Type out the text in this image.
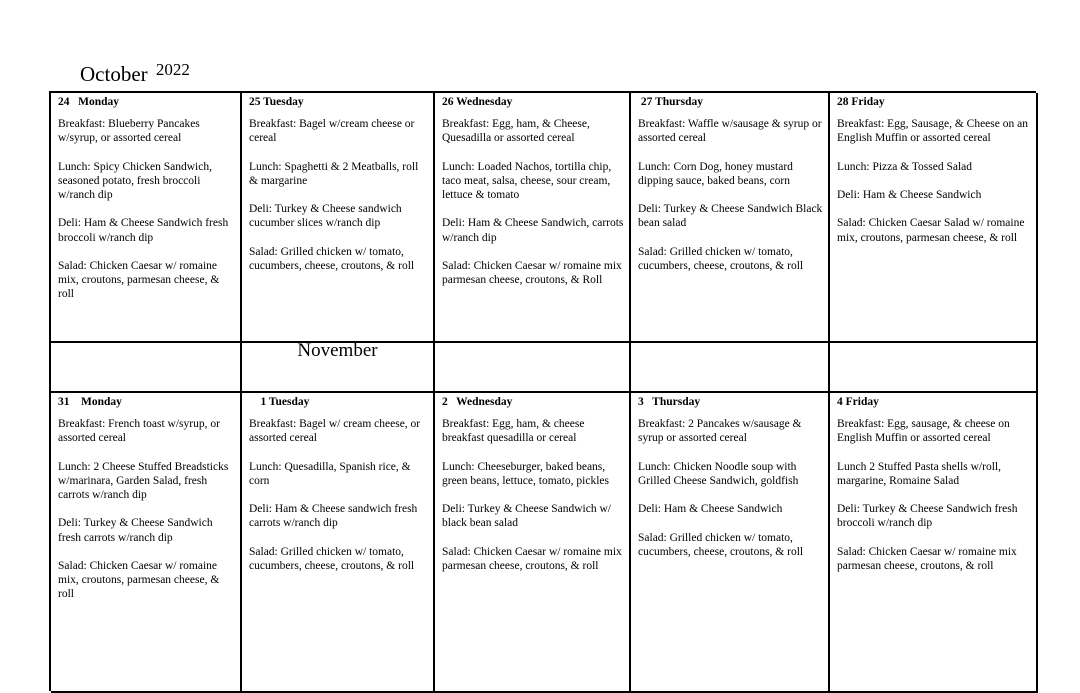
October $^{2022}$
24   Monday
Breakfast: Blueberry Pancakes w/syrup, or assorted cereal
Lunch: Spicy Chicken Sandwich, seasoned potato, fresh broccoli w/ranch dip
Deli: Ham & Cheese Sandwich fresh broccoli w/ranch dip
Salad: Chicken Caesar w/ romaine mix, croutons, parmesan cheese, & roll
25 Tuesday
Breakfast: Bagel w/cream cheese or cereal
Lunch: Spaghetti & 2 Meatballs, roll & margarine
Deli: Turkey & Cheese sandwich cucumber slices w/ranch dip
Salad: Grilled chicken w/ tomato, cucumbers, cheese, croutons, & roll
26 Wednesday
Breakfast: Egg, ham, & Cheese, Quesadilla or assorted cereal
Lunch: Loaded Nachos, tortilla chip, taco meat, salsa, cheese, sour cream, lettuce & tomato
Deli: Ham & Cheese Sandwich, carrots w/ranch dip
Salad: Chicken Caesar w/ romaine mix parmesan cheese, croutons, & Roll
27 Thursday
Breakfast: Waffle w/sausage & syrup or assorted cereal
Lunch: Corn Dog, honey mustard dipping sauce, baked beans, corn
Deli: Turkey & Cheese Sandwich Black bean salad
Salad: Grilled chicken w/ tomato, cucumbers, cheese, croutons, & roll
28 Friday
Breakfast: Egg, Sausage, & Cheese on an English Muffin or assorted cereal
Lunch: Pizza & Tossed Salad
Deli: Ham & Cheese Sandwich
Salad: Chicken Caesar Salad w/ romaine mix, croutons, parmesan cheese, & roll
November
31    Monday
Breakfast: French toast w/syrup, or assorted cereal
Lunch: 2 Cheese Stuffed Breadsticks w/marinara, Garden Salad, fresh carrots w/ranch dip
Deli: Turkey & Cheese Sandwich fresh carrots w/ranch dip
Salad: Chicken Caesar w/ romaine mix, croutons, parmesan cheese, & roll
1 Tuesday
Breakfast: Bagel w/ cream cheese, or assorted cereal
Lunch: Quesadilla, Spanish rice, & corn
Deli: Ham & Cheese sandwich fresh carrots w/ranch dip
Salad: Grilled chicken w/ tomato, cucumbers, cheese, croutons, & roll
2   Wednesday
Breakfast: Egg, ham, & cheese breakfast quesadilla or cereal
Lunch: Cheeseburger, baked beans, green beans, lettuce, tomato, pickles
Deli: Turkey & Cheese Sandwich w/ black bean salad
Salad: Chicken Caesar w/ romaine mix parmesan cheese, croutons, & roll
3   Thursday
Breakfast: 2 Pancakes w/sausage & syrup or assorted cereal
Lunch: Chicken Noodle soup with Grilled Cheese Sandwich, goldfish
Deli: Ham & Cheese Sandwich
Salad: Grilled chicken w/ tomato, cucumbers, cheese, croutons, & roll
4 Friday
Breakfast: Egg, sausage, & cheese on English Muffin or assorted cereal
Lunch 2 Stuffed Pasta shells w/roll, margarine, Romaine Salad
Deli: Turkey & Cheese Sandwich fresh broccoli w/ranch dip
Salad: Chicken Caesar w/ romaine mix parmesan cheese, croutons, & roll
